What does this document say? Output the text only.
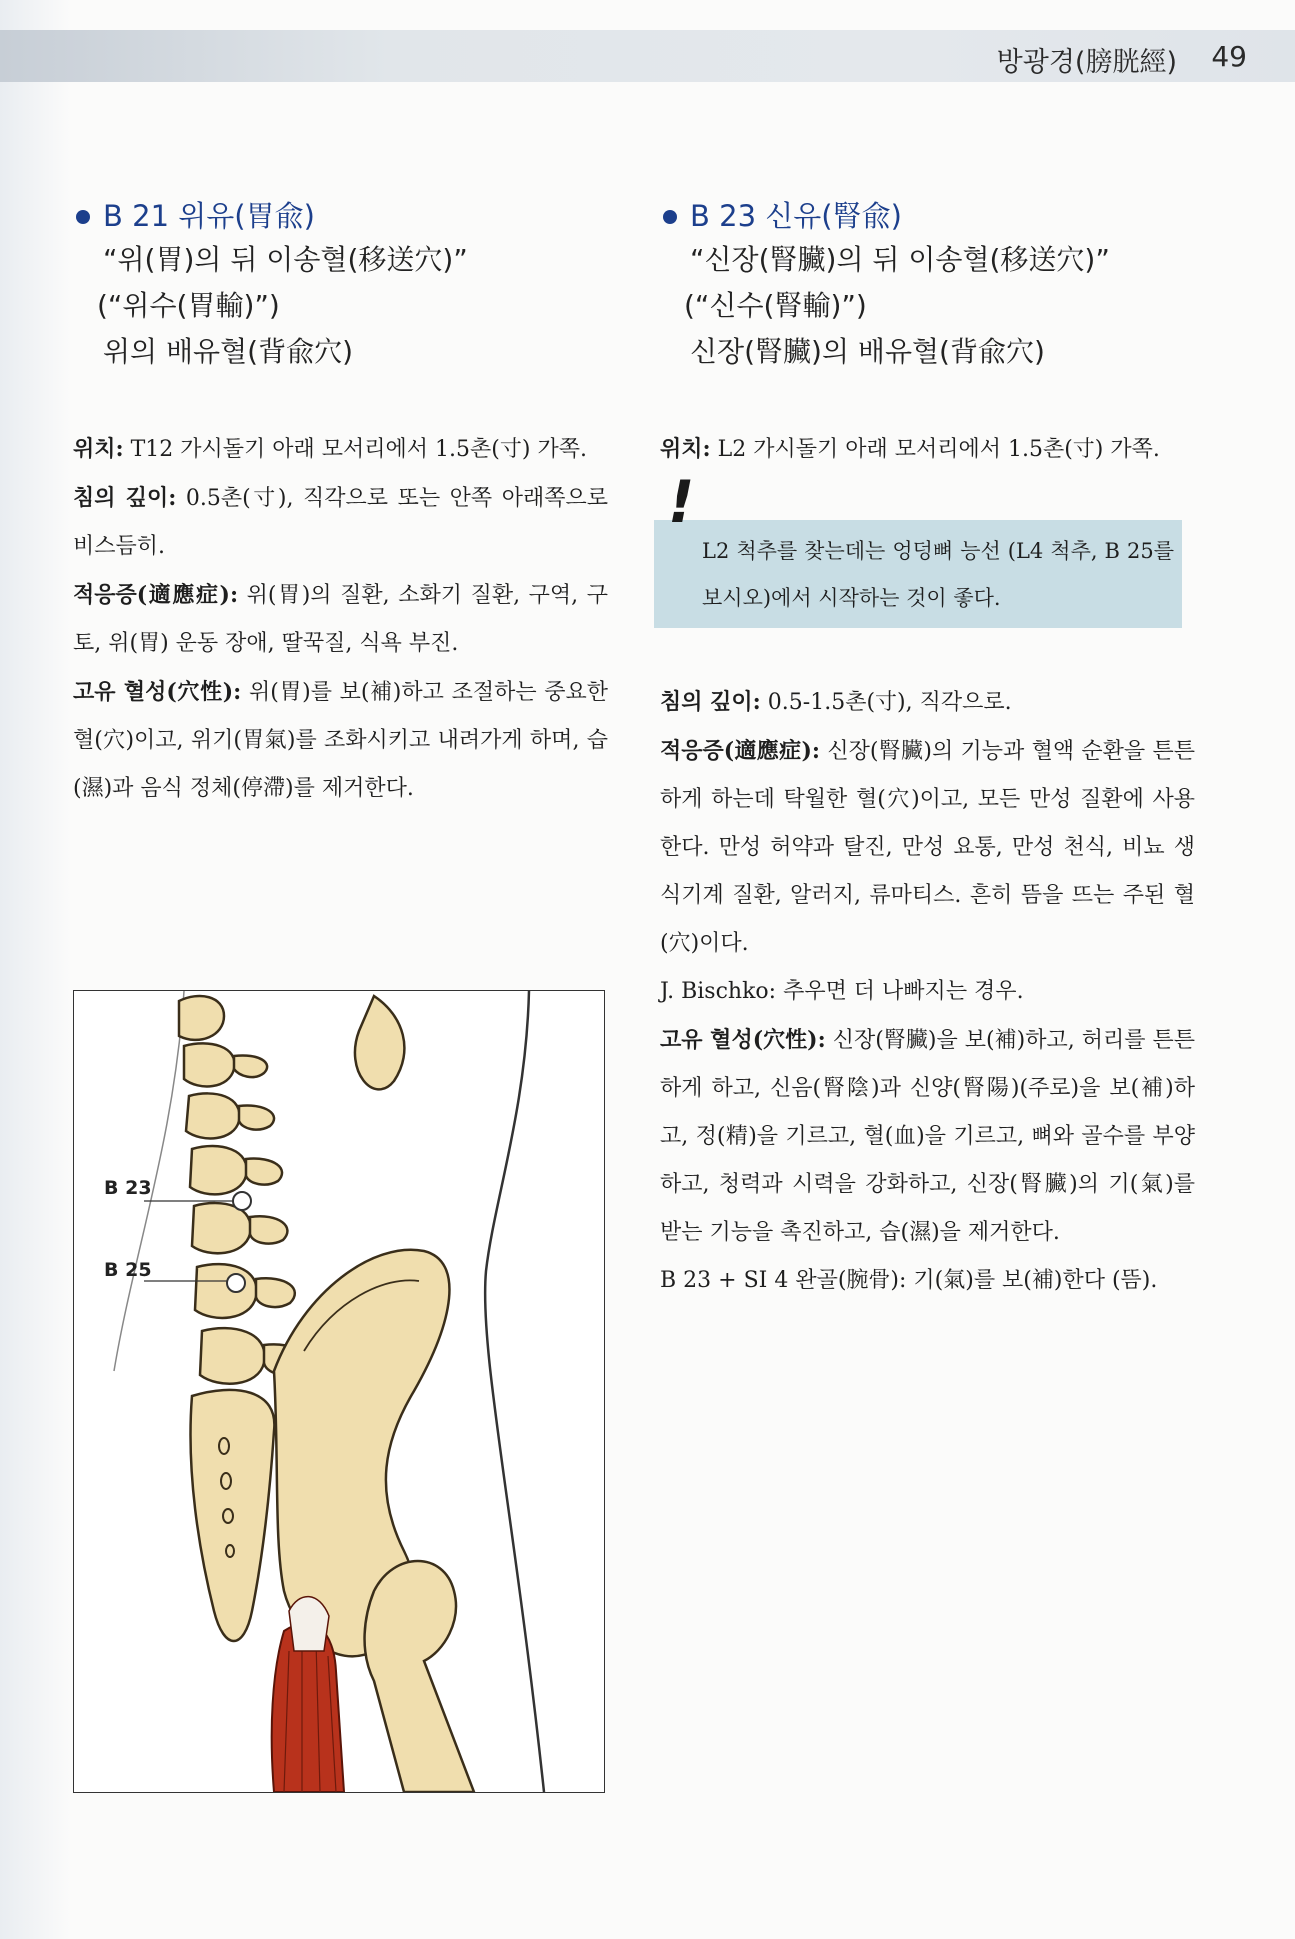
방광경(膀胱經) 49
B 21 위유(胃兪)
“위(胃)의 뒤 이송혈(移送穴)”
(“위수(胃輸)”)
위의 배유혈(背兪穴)

위치: T12 가시돌기 아래 모서리에서 1.5촌(寸) 가쪽.

침의 깊이: 0.5촌(寸), 직각으로 또는 안쪽 아래쪽으로 비스듬히.

적응증(適應症): 위(胃)의 질환, 소화기 질환, 구역, 구토, 위(胃) 운동 장애, 딸꾹질, 식욕 부진.

고유 혈성(穴性): 위(胃)를 보(補)하고 조절하는 중요한 혈(穴)이고, 위기(胃氣)를 조화시키고 내려가게 하며, 습(濕)과 음식 정체(停滯)를 제거한다.

B 23 신유(腎兪)
“신장(腎臟)의 뒤 이송혈(移送穴)”
(“신수(腎輸)”)
신장(腎臟)의 배유혈(背兪穴)

위치: L2 가시돌기 아래 모서리에서 1.5촌(寸) 가쪽.

!
L2 척추를 찾는데는 엉덩뼈 능선 (L4 척추, B 25를 보시오)에서 시작하는 것이 좋다.

침의 깊이: 0.5-1.5촌(寸), 직각으로.

적응증(適應症): 신장(腎臟)의 기능과 혈액 순환을 튼튼하게 하는데 탁월한 혈(穴)이고, 모든 만성 질환에 사용한다. 만성 허약과 탈진, 만성 요통, 만성 천식, 비뇨 생식기계 질환, 알러지, 류마티스. 흔히 뜸을 뜨는 주된 혈(穴)이다.

J. Bischko: 추우면 더 나빠지는 경우.

고유 혈성(穴性): 신장(腎臟)을 보(補)하고, 허리를 튼튼하게 하고, 신음(腎陰)과 신양(腎陽)(주로)을 보(補)하고, 정(精)을 기르고, 혈(血)을 기르고, 뼈와 골수를 부양하고, 청력과 시력을 강화하고, 신장(腎臟)의 기(氣)를 받는 기능을 촉진하고, 습(濕)을 제거한다.

B 23 + SI 4 완골(腕骨): 기(氣)를 보(補)한다 (뜸).

B 23
B 25
